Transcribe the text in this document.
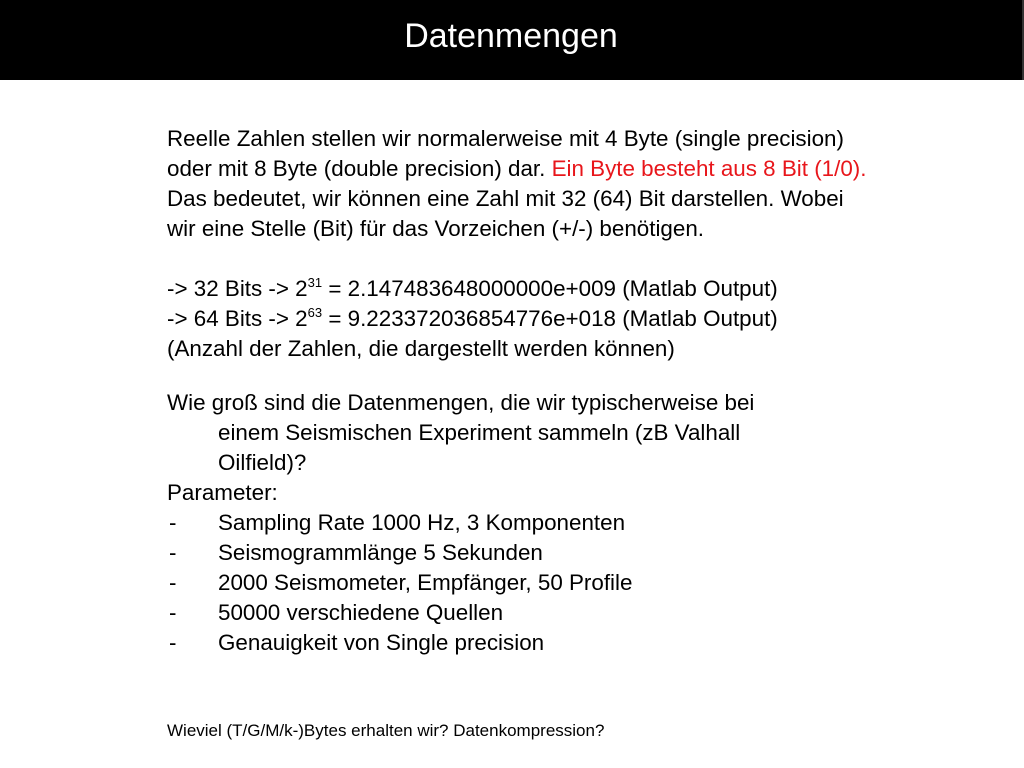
Datenmengen

Reelle Zahlen stellen wir normalerweise mit 4 Byte (single precision)

oder mit 8 Byte (double precision) dar. Ein Byte besteht aus 8 Bit (1/0).

Das bedeutet, wir können eine Zahl mit 32 (64) Bit darstellen. Wobei

wir eine Stelle (Bit) für das Vorzeichen (+/-) benötigen.

-> 32 Bits -> $2^{31} = 2.147483648000000e+009$ (Matlab Output)

-> 64 Bits -> $2^{63} = 9.223372036854776e+018$ (Matlab Output)

(Anzahl der Zahlen, die dargestellt werden können)

Wie groß sind die Datenmengen, die wir typischerweise bei

einem Seismischen Experiment sammeln (zB Valhall

Oilfield)?

Parameter:

- Sampling Rate 1000 Hz, 3 Komponenten
- Seismogrammlänge 5 Sekunden
- 2000 Seismometer, Empfänger, 50 Profile
- 50000 verschiedene Quellen
- Genauigkeit von Single precision

Wieviel (T/G/M/k-)Bytes erhalten wir? Datenkompression?
